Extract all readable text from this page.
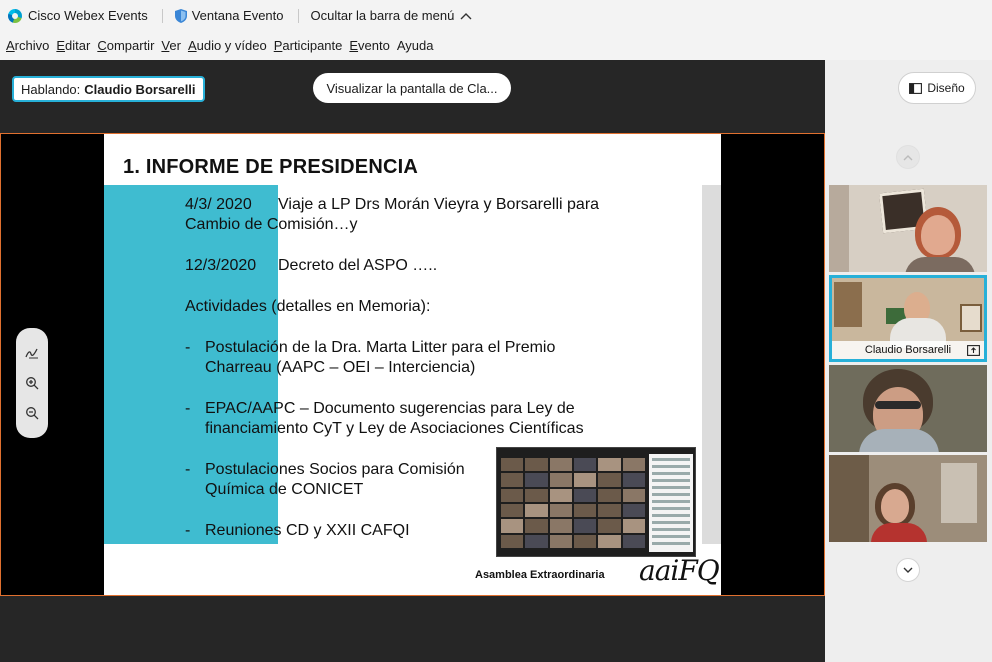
Cisco Webex Events	Ventana Evento Ocultar la barra de menú
Archivo Editar Compartir Ver Audio y vídeo Participante Evento Ayuda
Hablando: Claudio Borsarelli	Visualizar la pantalla de Cla...
1. INFORME DE PRESIDENCIA
4/3/ 2020 Viaje a LP Drs Morán Vieyra y Borsarelli para
Cambio de Comisión…y
12/3/2020 Decreto del ASPO …..
Actividades (detalles en Memoria):
- Postulación de la Dra. Marta Litter para el Premio
Charreau (AAPC – OEI – Interciencia)
- EPAC/AAPC – Documento sugerencias para Ley de
financiamiento CyT y Ley de Asociaciones Científicas
- Postulaciones Socios para Comisión
Química de CONICET
- Reuniones CD y XXII CAFQI
Asamblea Extraordinaria aaiFQ
Diseño
Claudio Borsarelli
